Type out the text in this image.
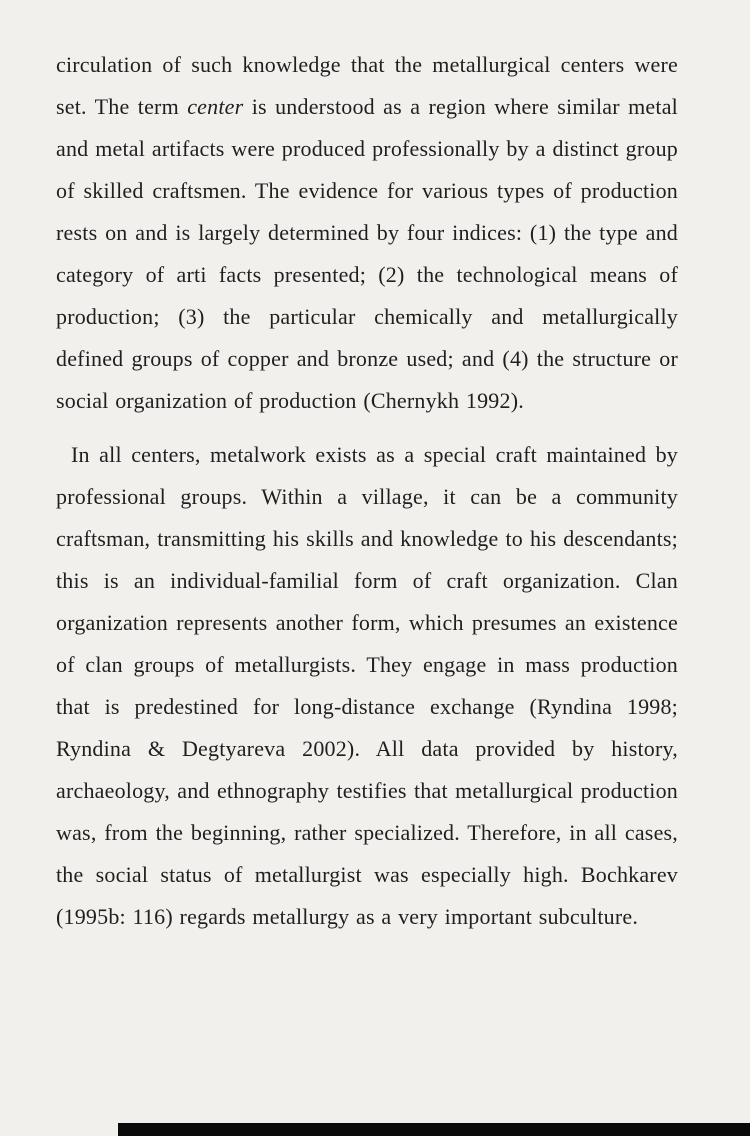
circulation of such knowledge that the metallurgical centers were set. The term center is understood as a region where similar metal and metal artifacts were produced professionally by a distinct group of skilled craftsmen. The evidence for various types of production rests on and is largely determined by four indices: (1) the type and category of arti facts presented; (2) the technological means of production; (3) the particular chemically and metallurgically defined groups of copper and bronze used; and (4) the structure or social organization of production (Chernykh 1992).

In all centers, metalwork exists as a special craft maintained by professional groups. Within a village, it can be a community craftsman, transmitting his skills and knowledge to his descendants; this is an individual-familial form of craft organization. Clan organization represents another form, which presumes an existence of clan groups of metallurgists. They engage in mass production that is predestined for long-distance exchange (Ryndina 1998; Ryndina & Degtyareva 2002). All data provided by history, archaeology, and ethnography testifies that metallurgical production was, from the beginning, rather specialized. Therefore, in all cases, the social status of metallurgist was especially high. Bochkarev (1995b: 116) regards metallurgy as a very important subculture.
